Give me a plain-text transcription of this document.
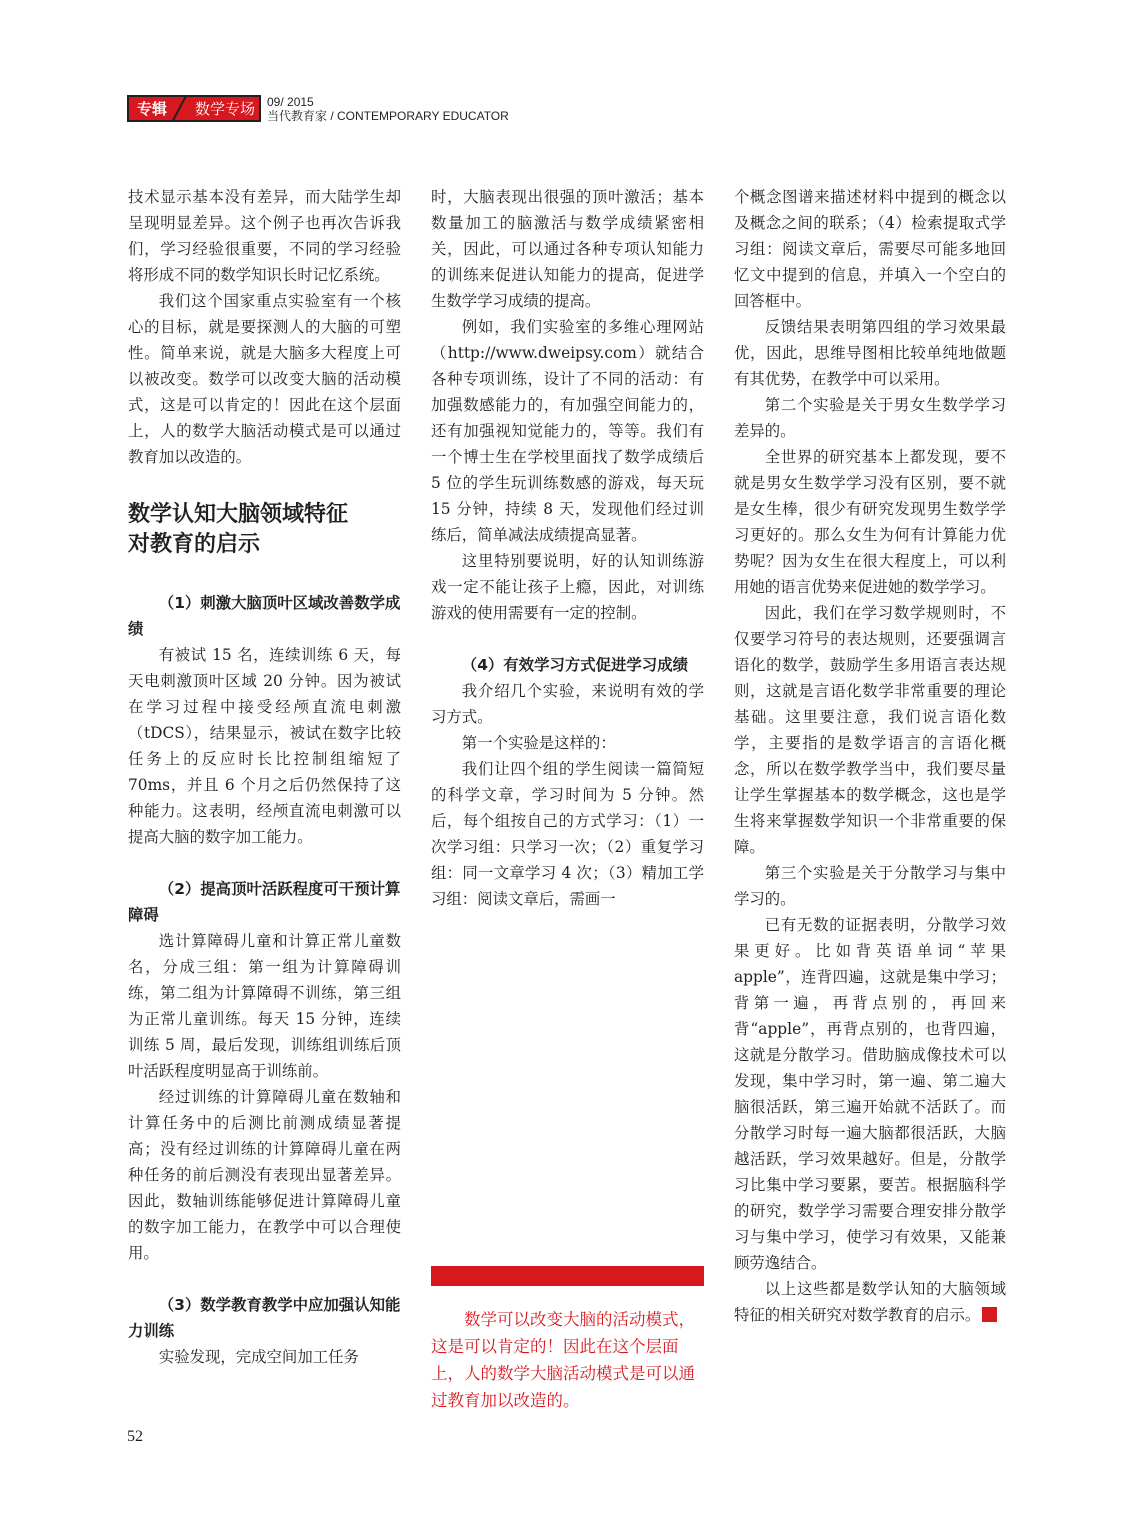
专辑 数学专场 09/ 2015
当代教育家 / CONTEMPORARY EDUCATOR

技术显示基本没有差异，而大陆学生却呈现明显差异。这个例子也再次告诉我们，学习经验很重要，不同的学习经验将形成不同的数学知识长时记忆系统。

我们这个国家重点实验室有一个核心的目标，就是要探测人的大脑的可塑性。简单来说，就是大脑多大程度上可以被改变。数学可以改变大脑的活动模式，这是可以肯定的！因此在这个层面上，人的数学大脑活动模式是可以通过教育加以改造的。

数学认知大脑领域特征
对教育的启示
（1）刺激大脑顶叶区域改善数学成绩

有被试 15 名，连续训练 6 天，每天电刺激顶叶区域 20 分钟。因为被试在学习过程中接受经颅直流电刺激（tDCS），结果显示，被试在数字比较任务上的反应时长比控制组缩短了 70ms，并且 6 个月之后仍然保持了这种能力。这表明，经颅直流电刺激可以提高大脑的数字加工能力。

（2）提高顶叶活跃程度可干预计算障碍

选计算障碍儿童和计算正常儿童数名，分成三组：第一组为计算障碍训练，第二组为计算障碍不训练，第三组为正常儿童训练。每天 15 分钟，连续训练 5 周，最后发现，训练组训练后顶叶活跃程度明显高于训练前。

经过训练的计算障碍儿童在数轴和计算任务中的后测比前测成绩显著提高；没有经过训练的计算障碍儿童在两种任务的前后测没有表现出显著差异。因此，数轴训练能够促进计算障碍儿童的数字加工能力，在教学中可以合理使用。

（3）数学教育教学中应加强认知能力训练

实验发现，完成空间加工任务

时，大脑表现出很强的顶叶激活；基本数量加工的脑激活与数学成绩紧密相关，因此，可以通过各种专项认知能力的训练来促进认知能力的提高，促进学生数学学习成绩的提高。

例如，我们实验室的多维心理网站（http://www.dweipsy.com）就结合各种专项训练，设计了不同的活动：有加强数感能力的，有加强空间能力的，还有加强视知觉能力的，等等。我们有一个博士生在学校里面找了数学成绩后 5 位的学生玩训练数感的游戏，每天玩 15 分钟，持续 8 天，发现他们经过训练后，简单减法成绩提高显著。

这里特别要说明，好的认知训练游戏一定不能让孩子上瘾，因此，对训练游戏的使用需要有一定的控制。

（4）有效学习方式促进学习成绩

我介绍几个实验，来说明有效的学习方式。

第一个实验是这样的：

我们让四个组的学生阅读一篇简短的科学文章，学习时间为 5 分钟。然后，每个组按自己的方式学习：（1）一次学习组：只学习一次；（2）重复学习组：同一文章学习 4 次；（3）精加工学习组：阅读文章后，需画一

数学可以改变大脑的活动模式，这是可以肯定的！因此在这个层面上，人的数学大脑活动模式是可以通过教育加以改造的。

个概念图谱来描述材料中提到的概念以及概念之间的联系；（4）检索提取式学习组：阅读文章后，需要尽可能多地回忆文中提到的信息，并填入一个空白的回答框中。

反馈结果表明第四组的学习效果最优，因此，思维导图相比较单纯地做题有其优势，在教学中可以采用。

第二个实验是关于男女生数学学习差异的。

全世界的研究基本上都发现，要不就是男女生数学学习没有区别，要不就是女生棒，很少有研究发现男生数学学习更好的。那么女生为何有计算能力优势呢？因为女生在很大程度上，可以利用她的语言优势来促进她的数学学习。

因此，我们在学习数学规则时，不仅要学习符号的表达规则，还要强调言语化的数学，鼓励学生多用语言表达规则，这就是言语化数学非常重要的理论基础。这里要注意，我们说言语化数学，主要指的是数学语言的言语化概念，所以在数学教学当中，我们要尽量让学生掌握基本的数学概念，这也是学生将来掌握数学知识一个非常重要的保障。

第三个实验是关于分散学习与集中学习的。

已有无数的证据表明，分散学习效果更好。比如背英语单词“苹果 apple”，连背四遍，这就是集中学习；背第一遍，再背点别的，再回来背“apple”，再背点别的，也背四遍，这就是分散学习。借助脑成像技术可以发现，集中学习时，第一遍、第二遍大脑很活跃，第三遍开始就不活跃了。而分散学习时每一遍大脑都很活跃，大脑越活跃，学习效果越好。但是，分散学习比集中学习要累，要苦。根据脑科学的研究，数学学习需要合理安排分散学习与集中学习，使学习有效果，又能兼顾劳逸结合。

以上这些都是数学认知的大脑领域特征的相关研究对数学教育的启示。

52
